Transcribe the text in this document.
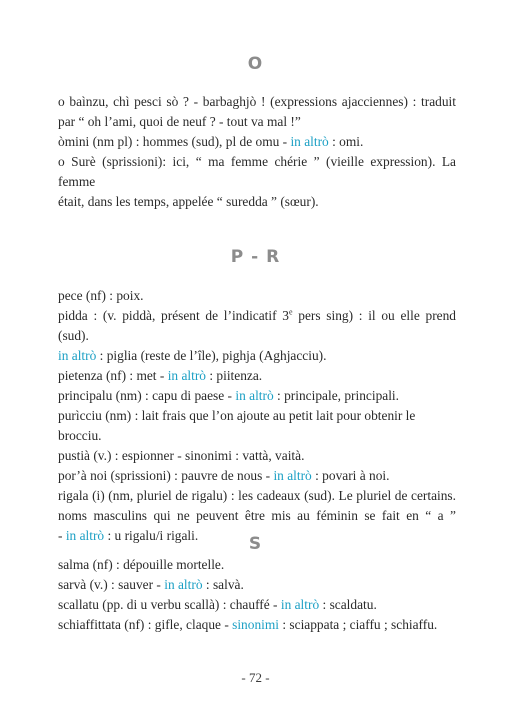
O
o baìnzu, chì pesci sò ? - barbaghjò ! (expressions ajacciennes) : traduit
par “ oh l’ami, quoi de neuf ? - tout va mal !”
òmini (nm pl) : hommes (sud), pl de omu - in altrò : omi.
o Surè (sprissioni): ici, “ ma femme chérie ” (vieille expression). La femme
était, dans les temps, appelée “ suredda ” (sœur).
P - R
pece (nf) : poix.
pidda : (v. piddà, présent de l’indicatif 3e pers sing) : il ou elle prend (sud).
in altrò : piglia (reste de l’île), pighja (Aghjacciu).
pietenza (nf) : met - in altrò : piitenza.
principalu (nm) : capu di paese - in altrò : principale, principali.
purìcciu (nm) : lait frais que l’on ajoute au petit lait pour obtenir le brocciu.
pustià (v.) : espionner - sinonimi : vattà, vaità.
por’à noi (sprissioni) : pauvre de nous - in altrò : povari à noi.
rigala (i) (nm, pluriel de rigalu) : les cadeaux (sud). Le pluriel de certains.
noms masculins qui ne peuvent être mis au féminin se fait en “ a ”
- in altrò : u rigalu/i rigali.	S
salma (nf) : dépouille mortelle.
sarvà (v.) : sauver - in altrò : salvà.
scallatu (pp. di u verbu scallà) : chauffé - in altrò : scaldatu.
schiaffittata (nf) : gifle, claque - sinonimi : sciappata ; ciaffu ; schiaffu.
- 72 -
